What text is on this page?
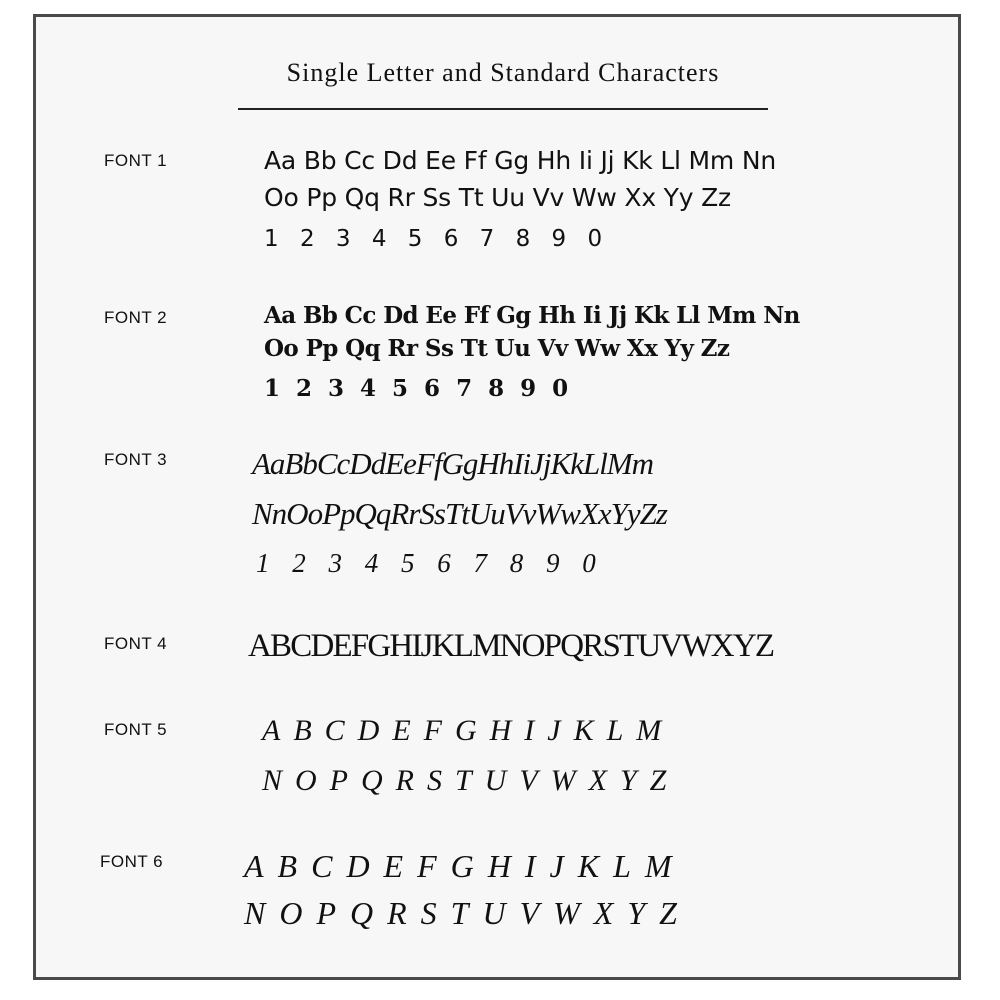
Single Letter and Standard Characters
FONT 1	Aa Bb Cc Dd Ee Ff Gg Hh Ii Jj Kk Ll Mm Nn
Oo Pp Qq Rr Ss Tt Uu Vv Ww Xx Yy Zz
1 2 3 4 5 6 7 8 9 0
FONT 2	Aa Bb Cc Dd Ee Ff Gg Hh Ii Jj Kk Ll Mm Nn
Oo Pp Qq Rr Ss Tt Uu Vv Ww Xx Yy Zz
1 2 3 4 5 6 7 8 9 0
FONT 3	AaBbCcDdEeFfGgHhIiJjKkLlMm
NnOoPpQqRrSsTtUuVvWwXxYyZz
1 2 3 4 5 6 7 8 9 0
FONT 4 ABCDEFGHIJKLMNOPQRSTUVWXYZ
FONT 5	ABCDEFGHIJKLM
NOPQRSTUVWXYZ
FONT 6	ABCDEFGHIJKLM
NOPQRSTUVWXYZ
